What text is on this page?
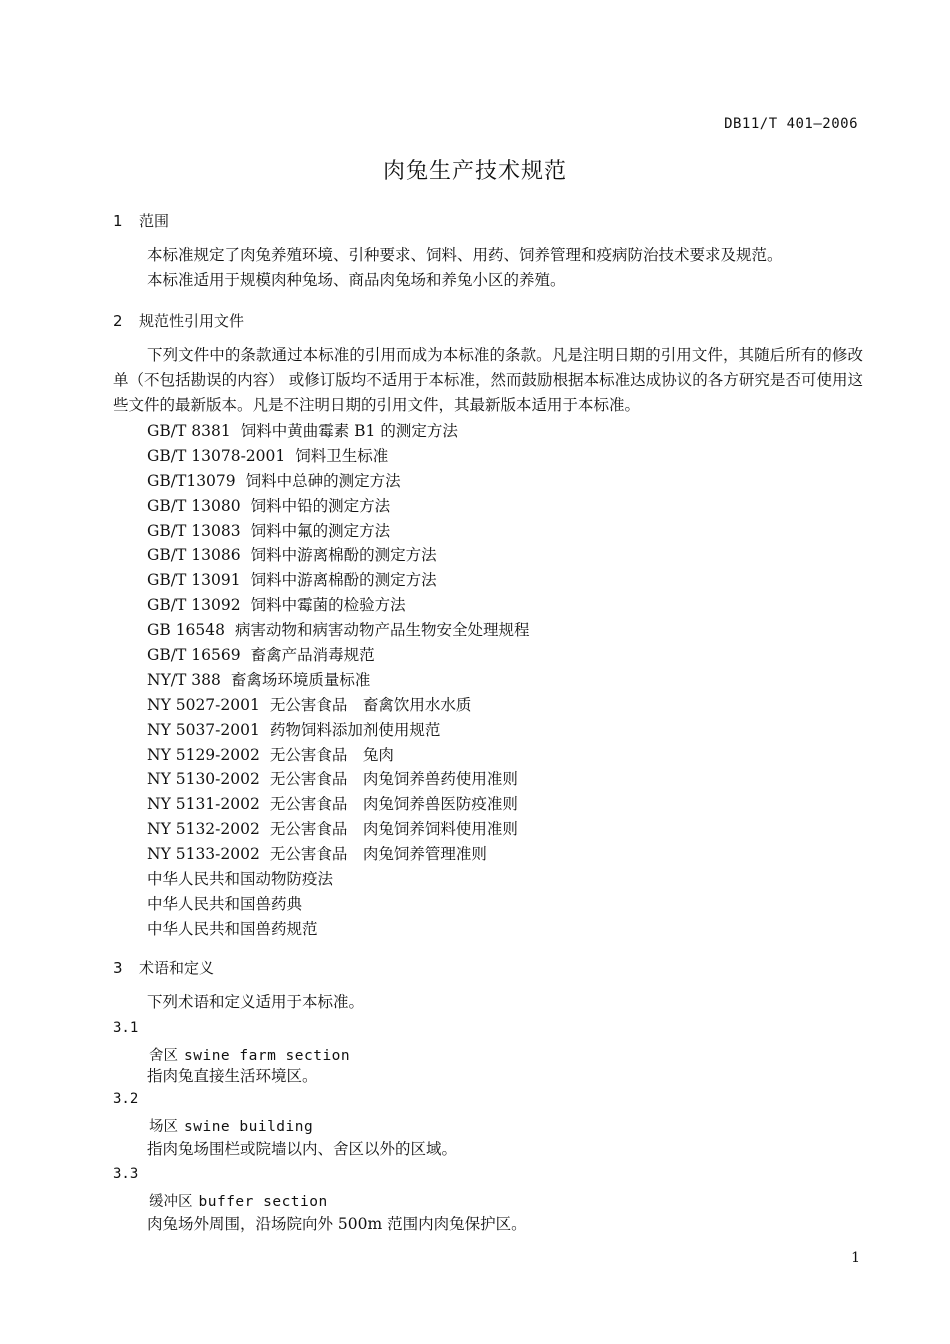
DB11/T 401—2006
肉兔生产技术规范
1 范围
本标准规定了肉兔养殖环境、引种要求、饲料、用药、饲养管理和疫病防治技术要求及规范。
本标准适用于规模肉种兔场、商品肉兔场和养兔小区的养殖。
2 规范性引用文件
下列文件中的条款通过本标准的引用而成为本标准的条款。凡是注明日期的引用文件，其随后所有的修改单（不包括勘误的内容） 或修订版均不适用于本标准，然而鼓励根据本标准达成协议的各方研究是否可使用这些文件的最新版本。凡是不注明日期的引用文件，其最新版本适用于本标准。
GB/T 8381 饲料中黄曲霉素 B1 的测定方法
GB/T 13078-2001 饲料卫生标准
GB/T13079 饲料中总砷的测定方法
GB/T 13080 饲料中铅的测定方法
GB/T 13083 饲料中氟的测定方法
GB/T 13086 饲料中游离棉酚的测定方法
GB/T 13091 饲料中游离棉酚的测定方法
GB/T 13092 饲料中霉菌的检验方法
GB 16548 病害动物和病害动物产品生物安全处理规程
GB/T 16569 畜禽产品消毒规范
NY/T 388 畜禽场环境质量标准
NY 5027-2001 无公害食品　畜禽饮用水水质
NY 5037-2001 药物饲料添加剂使用规范
NY 5129-2002 无公害食品　兔肉
NY 5130-2002 无公害食品　肉兔饲养兽药使用准则
NY 5131-2002 无公害食品　肉兔饲养兽医防疫准则
NY 5132-2002 无公害食品　肉兔饲养饲料使用准则
NY 5133-2002 无公害食品　肉兔饲养管理准则
中华人民共和国动物防疫法
中华人民共和国兽药典
中华人民共和国兽药规范
3 术语和定义
下列术语和定义适用于本标准。
3.1
舍区 swine farm section
指肉兔直接生活环境区。
3.2
场区 swine building
指肉兔场围栏或院墙以内、舍区以外的区域。
3.3
缓冲区 buffer section
肉兔场外周围，沿场院向外 500m 范围内肉兔保护区。
1
